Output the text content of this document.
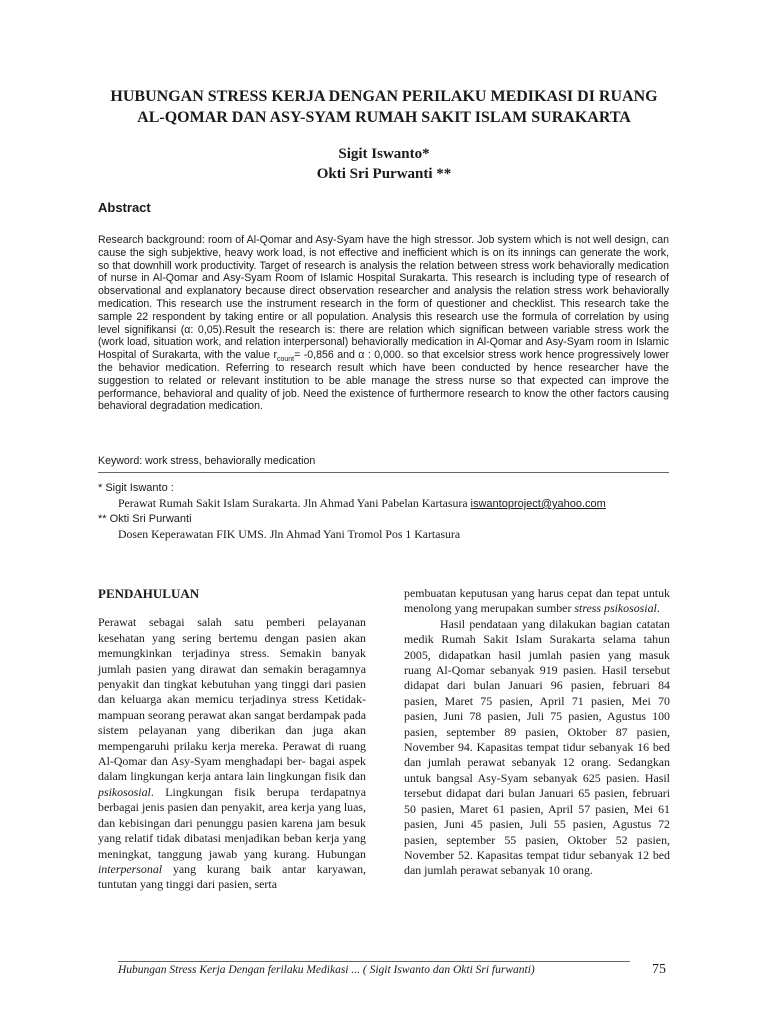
HUBUNGAN STRESS KERJA DENGAN PERILAKU MEDIKASI DI RUANG
AL-QOMAR DAN ASY-SYAM RUMAH SAKIT ISLAM SURAKARTA
Sigit Iswanto*
Okti Sri Purwanti **
Abstract
Research background: room of Al-Qomar and Asy-Syam have the high stressor. Job system which is not well design, can cause the sigh subjektive, heavy work load, is not effective and inefficient which is on its innings can generate the work, so that downhill work productivity. Target of research is analysis the relation between stress work behaviorally medication of nurse in Al-Qomar and Asy-Syam Room of Islamic Hospital Surakarta. This research is including type of research of observational and explanatory because direct observation researcher and analysis the relation stress work behaviorally medication. This research use the instrument research in the form of questioner and checklist. This research take the sample 22 respondent by taking entire or all population. Analysis this research use the formula of correlation by using level signifikansi (α: 0,05).Result the research is: there are relation which significan between variable stress work the (work load, situation work, and relation interpersonal) behaviorally medication in Al-Qomar and Asy-Syam room in Islamic Hospital of Surakarta, with the value $r_{count}= -0,856$ and α : 0,000. so that excelsior stress work hence progressively lower the behavior medication. Referring to research result which have been conducted by hence researcher have the suggestion to related or relevant institution to be able manage the stress nurse so that expected can improve the performance, behavioral and quality of job. Need the existence of furthermore research to know the other factors causing behavioral degradation medication.
Keyword: work stress, behaviorally medication
* Sigit Iswanto :
Perawat Rumah Sakit Islam Surakarta. Jln Ahmad Yani Pabelan Kartasura iswantoproject@yahoo.com
** Okti Sri Purwanti
Dosen Keperawatan FIK UMS. Jln Ahmad Yani Tromol Pos 1 Kartasura
PENDAHULUAN

Perawat sebagai salah satu pemberi pelayanan kesehatan yang sering bertemu dengan pasien akan memungkinkan terjadinya stress. Semakin banyak jumlah pasien yang dirawat dan semakin beragamnya penyakit dan tingkat kebutuhan yang tinggi dari pasien dan keluarga akan memicu terjadinya stress Ketidak- mampuan seorang perawat akan sangat berdampak pada sistem pelayanan yang diberikan dan juga akan mempengaruhi prilaku kerja mereka. Perawat di ruang Al-Qomar dan Asy-Syam menghadapi ber- bagai aspek dalam lingkungan kerja antara lain lingkungan fisik dan psikososial. Lingkungan fisik berupa terdapatnya berbagai jenis pasien dan penyakit, area kerja yang luas, dan kebisingan dari penunggu pasien karena jam besuk yang relatif tidak dibatasi menjadikan beban kerja yang meningkat, tanggung jawab yang kurang. Hubungan interpersonal yang kurang baik antar karyawan, tuntutan yang tinggi dari pasien, serta

pembuatan keputusan yang harus cepat dan tepat untuk menolong yang merupakan sumber stress psikososial.

Hasil pendataan yang dilakukan bagian catatan medik Rumah Sakit Islam Surakarta selama tahun 2005, didapatkan hasil jumlah pasien yang masuk ruang Al-Qomar sebanyak 919 pasien. Hasil tersebut didapat dari bulan Januari 96 pasien, februari 84 pasien, Maret 75 pasien, April 71 pasien, Mei 70 pasien, Juni 78 pasien, Juli 75 pasien, Agustus 100 pasien, september 89 pasien, Oktober 87 pasien, November 94. Kapasitas tempat tidur sebanyak 16 bed dan jumlah perawat sebanyak 12 orang. Sedangkan untuk bangsal Asy-Syam sebanyak 625 pasien. Hasil tersebut didapat dari bulan Januari 65 pasien, februari 50 pasien, Maret 61 pasien, April 57 pasien, Mei 61 pasien, Juni 45 pasien, Juli 55 pasien, Agustus 72 pasien, september 55 pasien, Oktober 52 pasien, November 52. Kapasitas tempat tidur sebanyak 12 bed dan jumlah perawat sebanyak 10 orang.

Hubungan Stress Kerja Dengan ferilaku Medikasi ... ( Sigit Iswanto dan Okti Sri furwanti)	75
